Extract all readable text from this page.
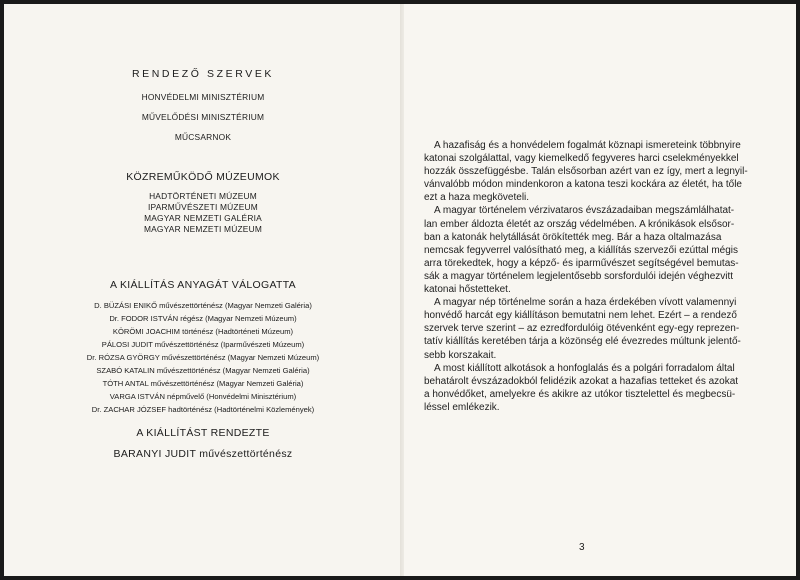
RENDEZŐ SZERVEK
HONVÉDELMI MINISZTÉRIUM
MŰVELŐDÉSI MINISZTÉRIUM
MŰCSARNOK
KÖZREMŰKÖDŐ MÚZEUMOK
HADTÖRTÉNETI MÚZEUM
IPARMŰVÉSZETI MÚZEUM
MAGYAR NEMZETI GALÉRIA
MAGYAR NEMZETI MÚZEUM
A KIÁLLÍTÁS ANYAGÁT VÁLOGATTA
D. BÜZÁSI ENIKŐ művészettörténész (Magyar Nemzeti Galéria)
Dr. FODOR ISTVÁN régész (Magyar Nemzeti Múzeum)
KÖRÖMI JOACHIM történész (Hadtörténeti Múzeum)
PÁLOSI JUDIT művészettörténész (Iparművészeti Múzeum)
Dr. RÓZSA GYÖRGY művészettörténész (Magyar Nemzeti Múzeum)
SZABÓ KATALIN művészettörténész (Magyar Nemzeti Galéria)
TÓTH ANTAL művészettörténész (Magyar Nemzeti Galéria)
VARGA ISTVÁN népművelő (Honvédelmi Minisztérium)
Dr. ZACHAR JÓZSEF hadtörténész (Hadtörténelmi Közlemények)
A KIÁLLÍTÁST RENDEZTE
BARANYI JUDIT művészettörténész

A hazafiság és a honvédelem fogalmát köznapi ismereteink többnyire
katonai szolgálattal, vagy kiemelkedő fegyveres harci cselekményekkel
hozzák összefüggésbe. Talán elsősorban azért van ez így, mert a legnyil-
vánvalóbb módon mindenkoron a katona teszi kockára az életét, ha tőle
ezt a haza megköveteli.

A magyar történelem vérzivataros évszázadaiban megszámlálhatat-
lan ember áldozta életét az ország védelmében. A krónikások elsősor-
ban a katonák helytállását örökítették meg. Bár a haza oltalmazása
nemcsak fegyverrel valósítható meg, a kiállítás szervezői ezúttal mégis
arra törekedtek, hogy a képző- és iparművészet segítségével bemutas-
sák a magyar történelem legjelentősebb sorsfordulói idején véghezvitt
katonai hőstetteket.

A magyar nép történelme során a haza érdekében vívott valamennyi
honvédő harcát egy kiállításon bemutatni nem lehet. Ezért – a rendező
szervek terve szerint – az ezredfordulóig ötévenként egy-egy reprezen-
tatív kiállítás keretében tárja a közönség elé évezredes múltunk jelentő-
sebb korszakait.

A most kiállított alkotások a honfoglalás és a polgári forradalom által
behatárolt évszázadokból felidézik azokat a hazafias tetteket és azokat
a honvédőket, amelyekre és akikre az utókor tisztelettel és megbecsü-
léssel emlékezik.

3
